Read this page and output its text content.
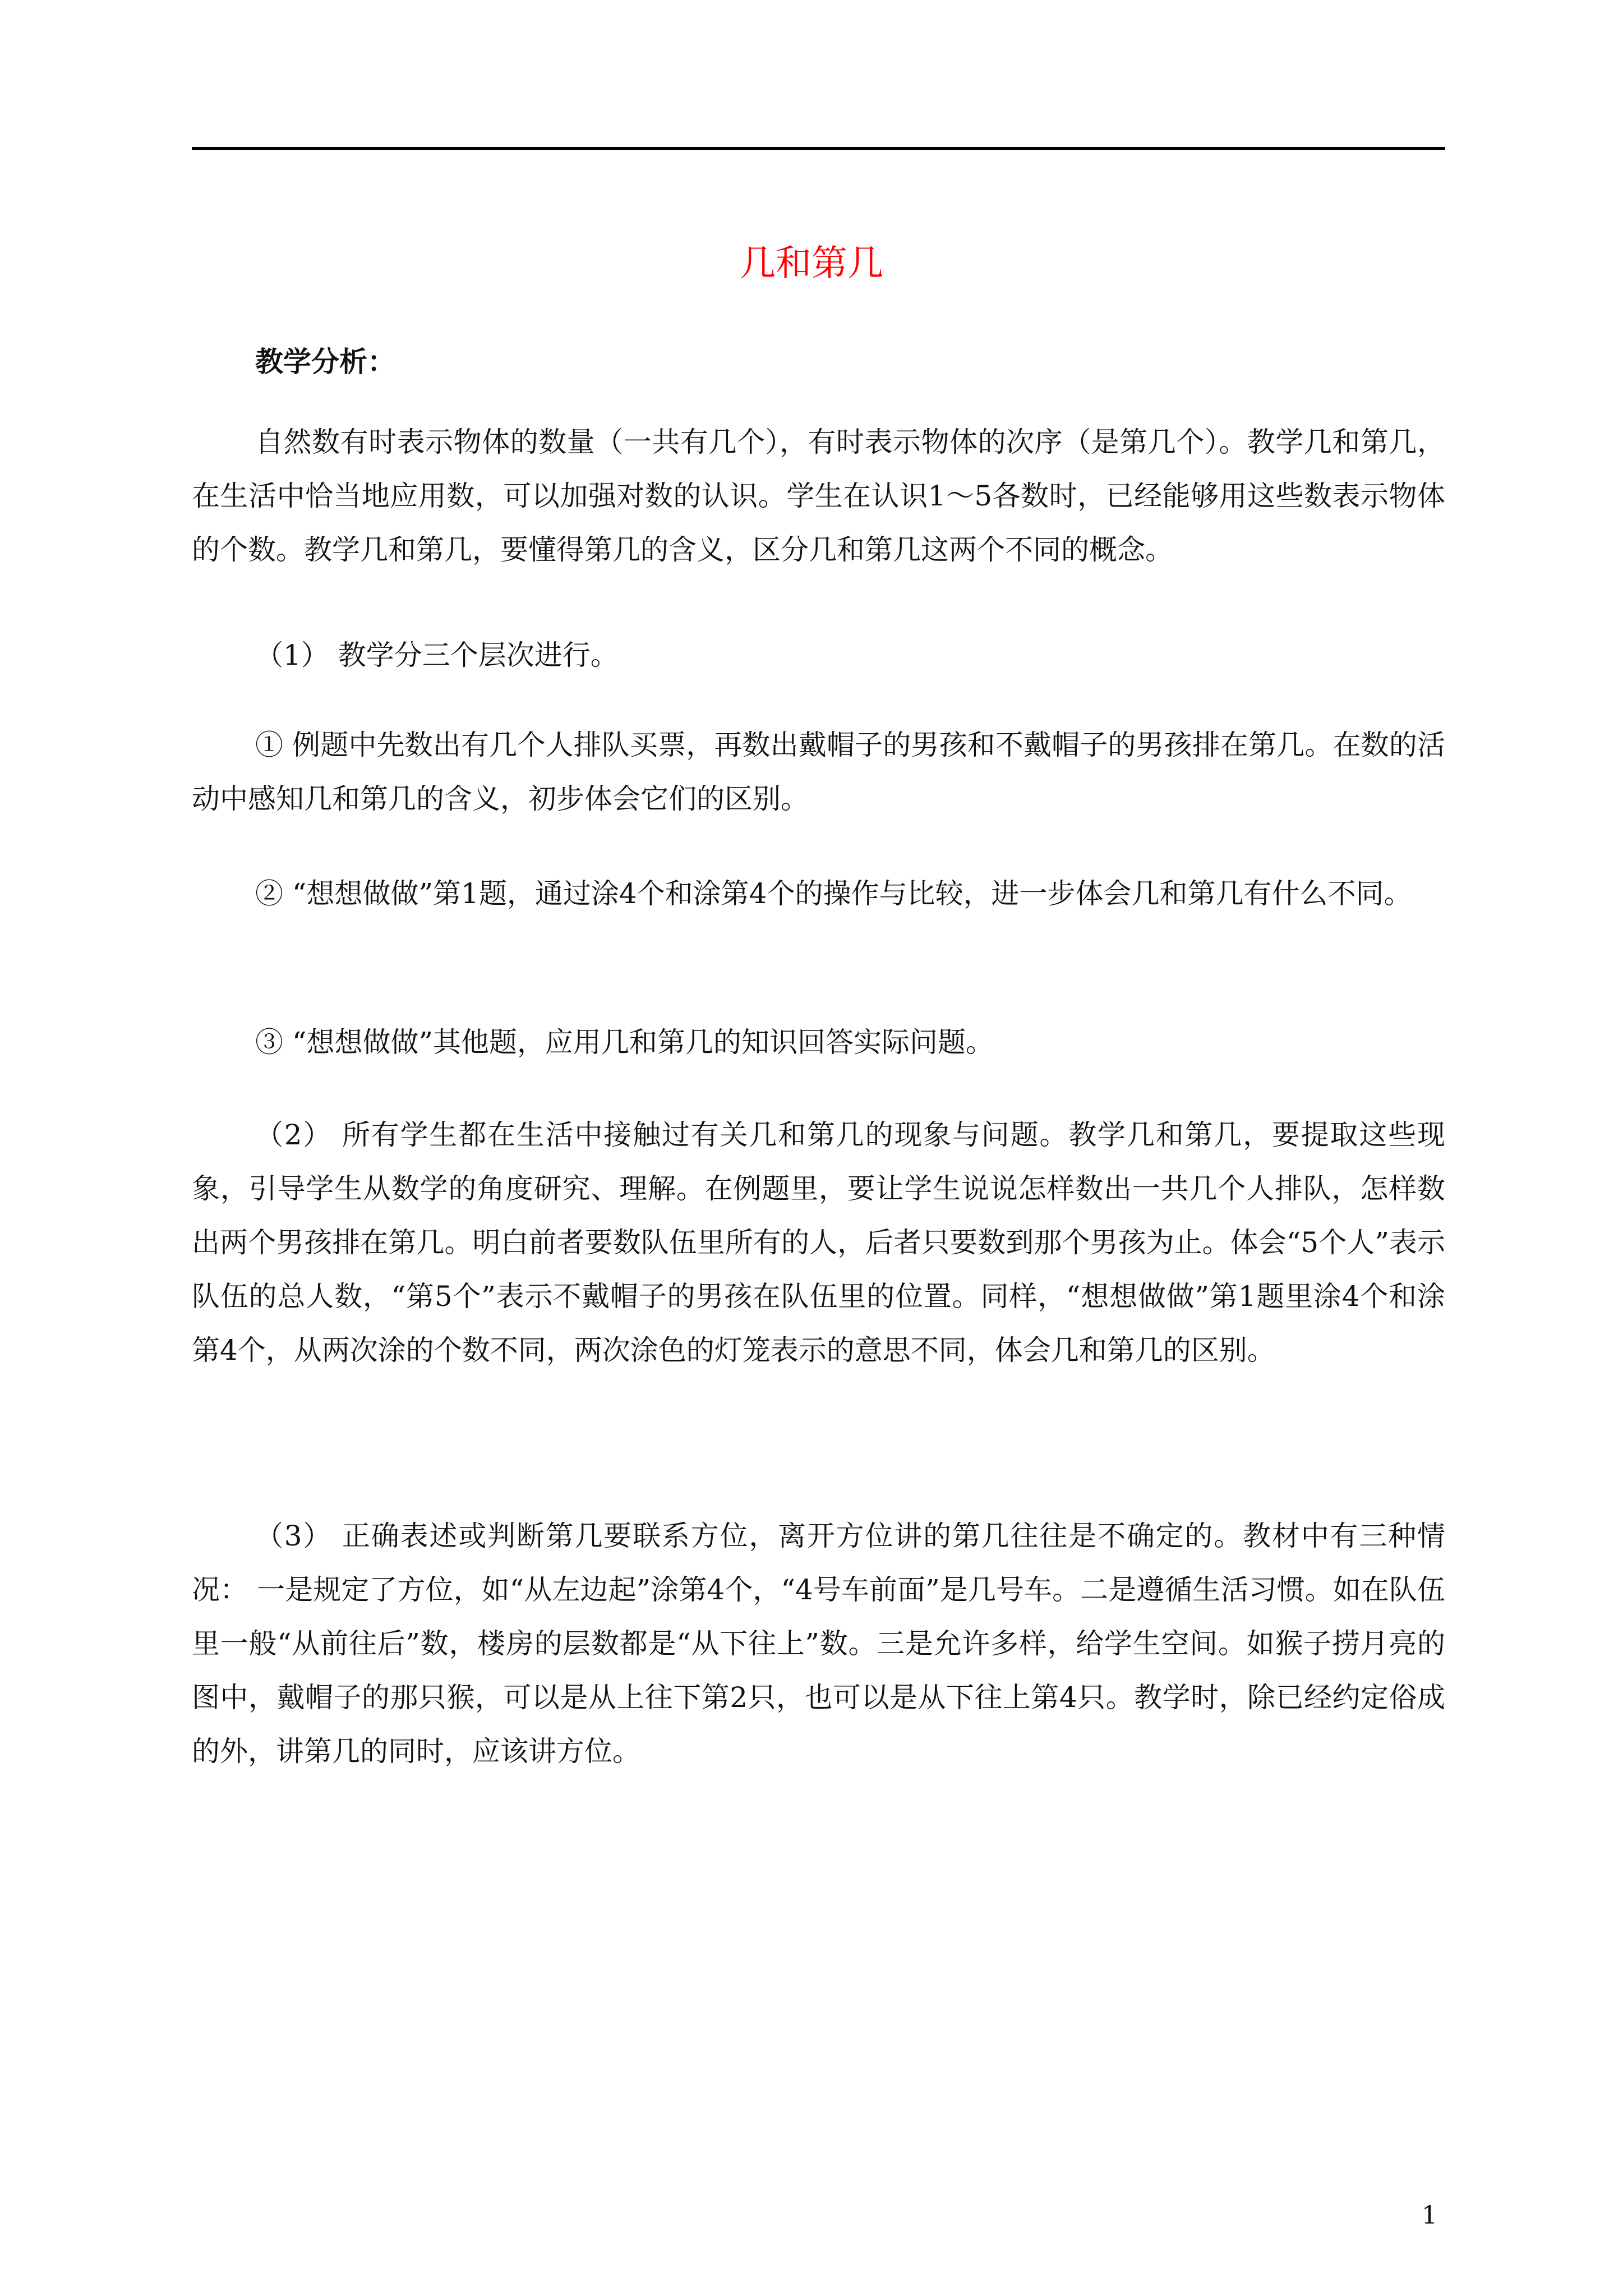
几和第几
教学分析：

自然数有时表示物体的数量（一共有几个），有时表示物体的次序（是第几个）。教学几和第几，在生活中恰当地应用数，可以加强对数的认识。学生在认识1～5各数时，已经能够用这些数表示物体的个数。教学几和第几，要懂得第几的含义，区分几和第几这两个不同的概念。

（1） 教学分三个层次进行。

① 例题中先数出有几个人排队买票，再数出戴帽子的男孩和不戴帽子的男孩排在第几。在数的活动中感知几和第几的含义，初步体会它们的区别。

② “想想做做”第1题，通过涂4个和涂第4个的操作与比较，进一步体会几和第几有什么不同。

③ “想想做做”其他题，应用几和第几的知识回答实际问题。

（2） 所有学生都在生活中接触过有关几和第几的现象与问题。教学几和第几，要提取这些现象，引导学生从数学的角度研究、理解。在例题里，要让学生说说怎样数出一共几个人排队，怎样数出两个男孩排在第几。明白前者要数队伍里所有的人，后者只要数到那个男孩为止。体会“5个人”表示队伍的总人数，“第5个”表示不戴帽子的男孩在队伍里的位置。同样，“想想做做”第1题里涂4个和涂第4个，从两次涂的个数不同，两次涂色的灯笼表示的意思不同，体会几和第几的区别。

（3） 正确表述或判断第几要联系方位，离开方位讲的第几往往是不确定的。教材中有三种情况： 一是规定了方位，如“从左边起”涂第4个，“4号车前面”是几号车。二是遵循生活习惯。如在队伍里一般“从前往后”数，楼房的层数都是“从下往上”数。三是允许多样，给学生空间。如猴子捞月亮的图中，戴帽子的那只猴，可以是从上往下第2只，也可以是从下往上第4只。教学时，除已经约定俗成的外，讲第几的同时，应该讲方位。

1
